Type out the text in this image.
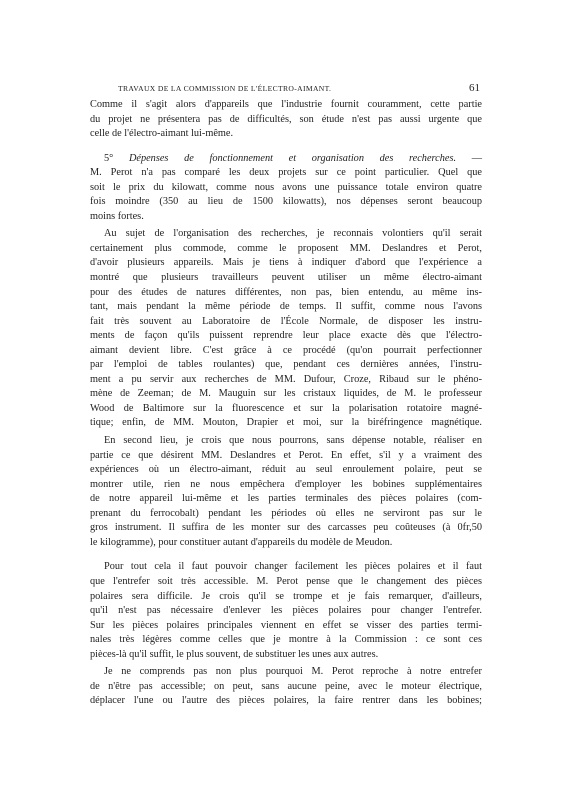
TRAVAUX DE LA COMMISSION DE L'ÉLECTRO-AIMANT.	61
Comme il s'agit alors d'appareils que l'industrie fournit couramment, cette partie
du projet ne présentera pas de difficultés, son étude n'est pas aussi urgente que
celle de l'électro-aimant lui-même.
5° Dépenses de fonctionnement et organisation des recherches. —
M. Perot n'a pas comparé les deux projets sur ce point particulier. Quel que
soit le prix du kilowatt, comme nous avons une puissance totale environ quatre
fois moindre (350 au lieu de 1500 kilowatts), nos dépenses seront beaucoup
moins fortes.
Au sujet de l'organisation des recherches, je reconnais volontiers qu'il serait
certainement plus commode, comme le proposent MM. Deslandres et Perot,
d'avoir plusieurs appareils. Mais je tiens à indiquer d'abord que l'expérience a
montré que plusieurs travailleurs peuvent utiliser un même électro-aimant
pour des études de natures différentes, non pas, bien entendu, au même ins-
tant, mais pendant la même période de temps. Il suffit, comme nous l'avons
fait très souvent au Laboratoire de l'École Normale, de disposer les instru-
ments de façon qu'ils puissent reprendre leur place exacte dès que l'électro-
aimant devient libre. C'est grâce à ce procédé (qu'on pourrait perfectionner
par l'emploi de tables roulantes) que, pendant ces dernières années, l'instru-
ment a pu servir aux recherches de MM. Dufour, Croze, Ribaud sur le phéno-
mène de Zeeman; de M. Mauguin sur les cristaux liquides, de M. le professeur
Wood de Baltimore sur la fluorescence et sur la polarisation rotatoire magné-
tique; enfin, de MM. Mouton, Drapier et moi, sur la biréfringence magnétique.
En second lieu, je crois que nous pourrons, sans dépense notable, réaliser en
partie ce que désirent MM. Deslandres et Perot. En effet, s'il y a vraiment des
expériences où un électro-aimant, réduit au seul enroulement polaire, peut se
montrer utile, rien ne nous empêchera d'employer les bobines supplémentaires
de notre appareil lui-même et les parties terminales des pièces polaires (com-
prenant du ferrocobalt) pendant les périodes où elles ne serviront pas sur le
gros instrument. Il suffira de les monter sur des carcasses peu coûteuses (à 0fr,50
le kilogramme), pour constituer autant d'appareils du modèle de Meudon.
Pour tout cela il faut pouvoir changer facilement les pièces polaires et il faut
que l'entrefer soit très accessible. M. Perot pense que le changement des pièces
polaires sera difficile. Je crois qu'il se trompe et je fais remarquer, d'ailleurs,
qu'il n'est pas nécessaire d'enlever les pièces polaires pour changer l'entrefer.
Sur les pièces polaires principales viennent en effet se visser des parties termi-
nales très légères comme celles que je montre à la Commission : ce sont ces
pièces-là qu'il suffit, le plus souvent, de substituer les unes aux autres.
Je ne comprends pas non plus pourquoi M. Perot reproche à notre entrefer
de n'être pas accessible; on peut, sans aucune peine, avec le moteur électrique,
déplacer l'une ou l'autre des pièces polaires, la faire rentrer dans les bobines;
